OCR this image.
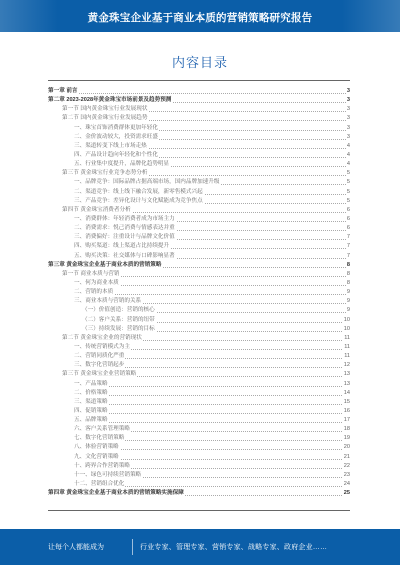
黄金珠宝企业基于商业本质的营销策略研究报告
内容目录
第一章 前言	3
第二章 2023-2028年黄金珠宝市场前景及趋势预测	3
第一节 国内黄金珠宝行业发展现状	3
第二节 国内黄金珠宝行业发展趋势	3
一、珠宝首饰消费群体更加年轻化	3
二、金价波动较大，投资需求旺盛	3
三、渠道转变下线上市场走热	4
四、产品设计趋向年轻化和个性化	4
五、行业集中度提升，品牌化趋势明显	4
第三节 黄金珠宝行业竞争态势分析	5
一、品牌竞争：国际品牌占据高端市场，国内品牌加速升级	5
二、渠道竞争：线上线下融合发展，新零售模式兴起	5
三、产品竞争：差异化设计与文化赋能成为竞争焦点	5
第四节 黄金珠宝消费者分析	6
一、消费群体：年轻消费者成为市场主力	6
二、消费需求：悦己消费与情感表达并重	6
三、消费偏好：注重设计与品牌文化价值	7
四、购买渠道：线上渠道占比持续提升	7
五、购买决策：社交媒体与口碑影响显著	7
第三章 黄金珠宝企业基于商业本质的营销策略	8
第一节 商业本质与营销	8
一、何为商业本质	8
二、营销的本质	9
三、商业本质与营销的关系	9
（一）价值创造：营销的核心	9
（二）客户关系：营销的纽带	10
（三）持续发展：营销的目标	10
第二节 黄金珠宝企业的营销现状	11
一、传统营销模式为主	11
二、营销同质化严重	11
三、数字化营销起步	12
第三节 黄金珠宝企业营销策略	13
一、产品策略	13
二、价格策略	14
三、渠道策略	15
四、促销策略	16
五、品牌策略	17
六、客户关系管理策略	18
七、数字化营销策略	19
八、体验营销策略	20
九、文化营销策略	21
十、跨界合作营销策略	22
十一、绿色可持续营销策略	23
十二、营销组合优化	24
第四章 黄金珠宝企业基于商业本质的营销策略实施保障	25
让每个人都能成为	行业专家、管理专家、营销专家、战略专家、政府企业……
